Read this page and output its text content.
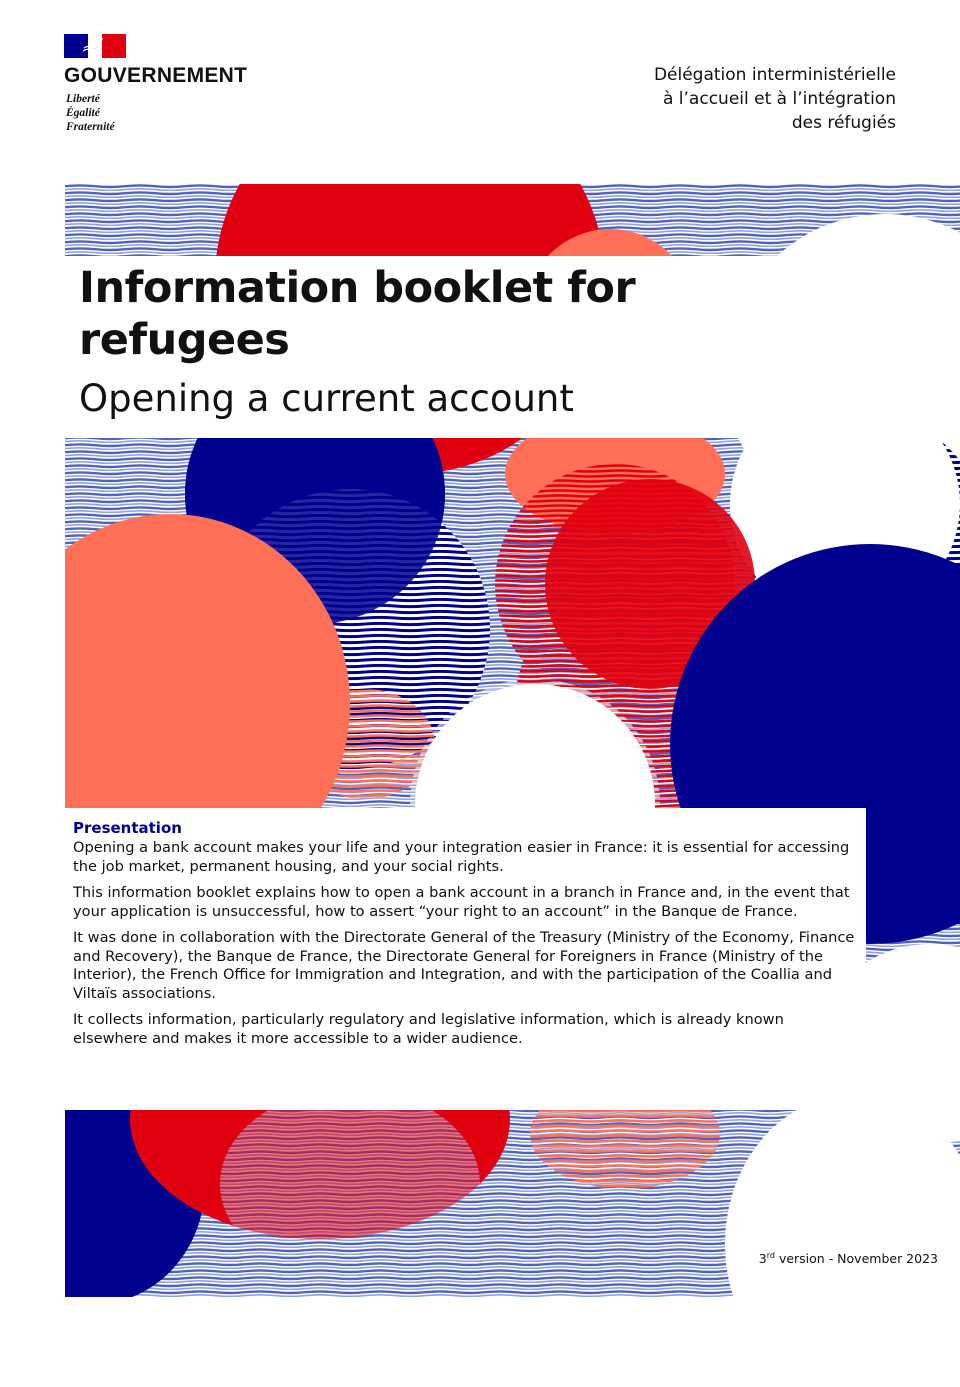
GOUVERNEMENT
Liberté
Égalité
Fraternité
Délégation interministérielle
à l’accueil et à l’intégration
des réfugiés
Information booklet for refugees
Opening a current account
Presentation

Opening a bank account makes your life and your integration easier in France: it is essential for accessing the job market, permanent housing, and your social rights.

This information booklet explains how to open a bank account in a branch in France and, in the event that your application is unsuccessful, how to assert “your right to an account” in the Banque de France.

It was done in collaboration with the Directorate General of the Treasury (Ministry of the Economy, Finance and Recovery), the Banque de France, the Directorate General for Foreigners in France (Ministry of the Interior), the French Office for Immigration and Integration, and with the participation of the Coallia and Viltaïs associations.

It collects information, particularly regulatory and legislative information, which is already known elsewhere and makes it more accessible to a wider audience.

3rd version - November 2023
